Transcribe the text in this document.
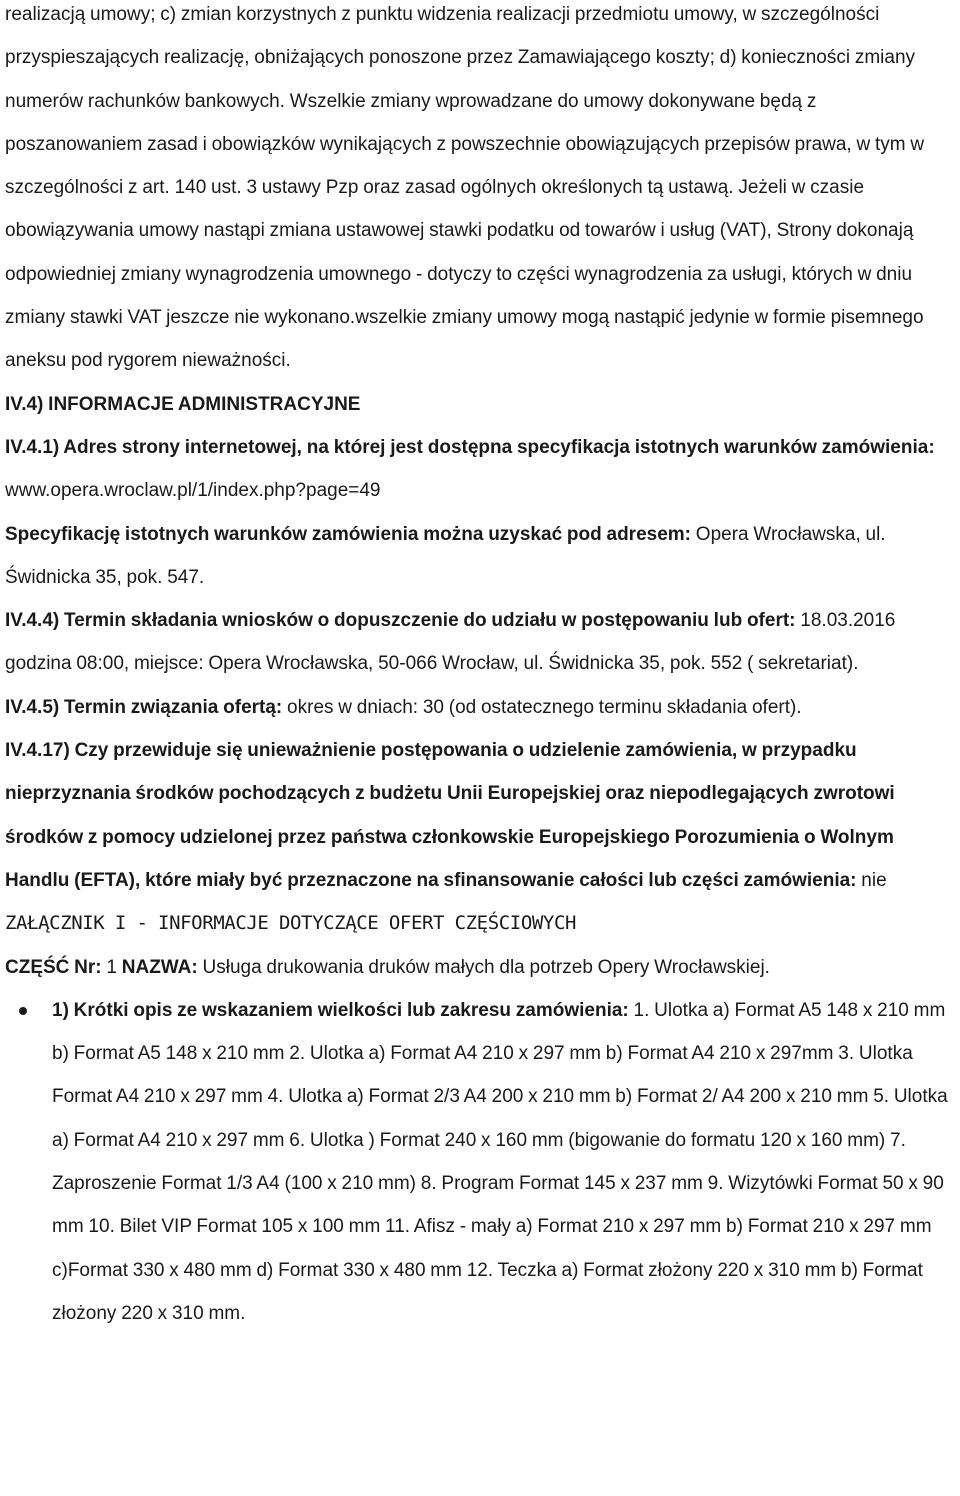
realizacją umowy; c) zmian korzystnych z punktu widzenia realizacji przedmiotu umowy, w szczególności przyspieszających realizację, obniżających ponoszone przez Zamawiającego koszty; d) konieczności zmiany numerów rachunków bankowych. Wszelkie zmiany wprowadzane do umowy dokonywane będą z poszanowaniem zasad i obowiązków wynikających z powszechnie obowiązujących przepisów prawa, w tym w szczególności z art. 140 ust. 3 ustawy Pzp oraz zasad ogólnych określonych tą ustawą. Jeżeli w czasie obowiązywania umowy nastąpi zmiana ustawowej stawki podatku od towarów i usług (VAT), Strony dokonają odpowiedniej zmiany wynagrodzenia umownego - dotyczy to części wynagrodzenia za usługi, których w dniu zmiany stawki VAT jeszcze nie wykonano.wszelkie zmiany umowy mogą nastąpić jedynie w formie pisemnego aneksu pod rygorem nieważności.

IV.4) INFORMACJE ADMINISTRACYJNE

IV.4.1) Adres strony internetowej, na której jest dostępna specyfikacja istotnych warunków zamówienia: www.opera.wroclaw.pl/1/index.php?page=49

Specyfikację istotnych warunków zamówienia można uzyskać pod adresem: Opera Wrocławska, ul. Świdnicka 35, pok. 547.

IV.4.4) Termin składania wniosków o dopuszczenie do udziału w postępowaniu lub ofert: 18.03.2016 godzina 08:00, miejsce: Opera Wrocławska, 50-066 Wrocław, ul. Świdnicka 35, pok. 552 ( sekretariat).

IV.4.5) Termin związania ofertą: okres w dniach: 30 (od ostatecznego terminu składania ofert).

IV.4.17) Czy przewiduje się unieważnienie postępowania o udzielenie zamówienia, w przypadku nieprzyznania środków pochodzących z budżetu Unii Europejskiej oraz niepodlegających zwrotowi środków z pomocy udzielonej przez państwa członkowskie Europejskiego Porozumienia o Wolnym Handlu (EFTA), które miały być przeznaczone na sfinansowanie całości lub części zamówienia: nie

ZAŁĄCZNIK I - INFORMACJE DOTYCZĄCE OFERT CZĘŚCIOWYCH

CZĘŚĆ Nr: 1 NAZWA: Usługa drukowania druków małych dla potrzeb Opery Wrocławskiej.

1) Krótki opis ze wskazaniem wielkości lub zakresu zamówienia: 1. Ulotka a) Format A5 148 x 210 mm b) Format A5 148 x 210 mm 2. Ulotka a) Format A4 210 x 297 mm b) Format A4 210 x 297mm 3. Ulotka Format A4 210 x 297 mm 4. Ulotka a) Format 2/3 A4 200 x 210 mm b) Format 2/ A4 200 x 210 mm 5. Ulotka a) Format A4 210 x 297 mm 6. Ulotka ) Format 240 x 160 mm (bigowanie do formatu 120 x 160 mm) 7. Zaproszenie Format 1/3 A4 (100 x 210 mm) 8. Program Format 145 x 237 mm 9. Wizytówki Format 50 x 90 mm 10. Bilet VIP Format 105 x 100 mm 11. Afisz - mały a) Format 210 x 297 mm b) Format 210 x 297 mm c)Format 330 x 480 mm d) Format 330 x 480 mm 12. Teczka a) Format złożony 220 x 310 mm b) Format złożony 220 x 310 mm.
